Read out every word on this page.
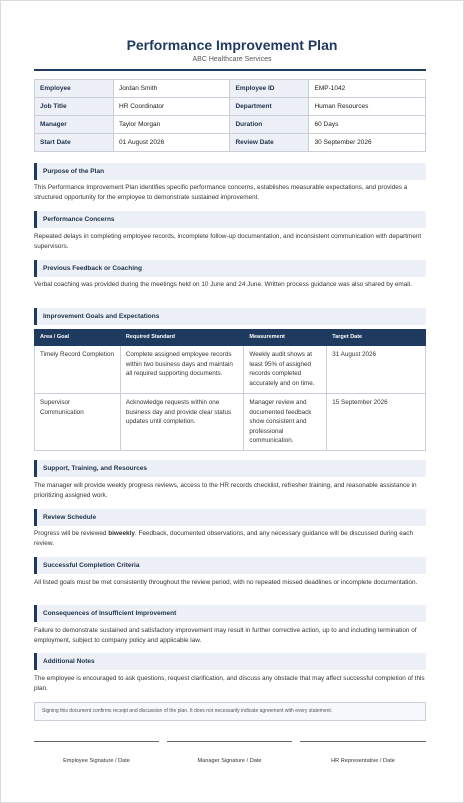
Performance Improvement Plan
ABC Healthcare Services
Employee	Jordan Smith	Employee ID	EMP-1042
Job Title	HR Coordinator	Department	Human Resources
Manager	Taylor Morgan	Duration	60 Days
Start Date	01 August 2026	Review Date	30 September 2026
Purpose of the Plan
This Performance Improvement Plan identifies specific performance concerns, establishes measurable expectations, and provides a structured opportunity for the employee to demonstrate sustained improvement.
Performance Concerns
Repeated delays in completing employee records, incomplete follow-up documentation, and inconsistent communication with department supervisors.
Previous Feedback or Coaching
Verbal coaching was provided during the meetings held on 10 June and 24 June. Written process guidance was also shared by email.
Improvement Goals and Expectations
Area / Goal	Required Standard	Measurement	Target Date
Timely Record Completion	Complete assigned employee records within two business days and maintain all required supporting documents.	Weekly audit shows at least 95% of assigned records completed accurately and on time.	31 August 2026
Supervisor Communication	Acknowledge requests within one business day and provide clear status updates until completion.	Manager review and documented feedback show consistent and professional communication.	15 September 2026
Support, Training, and Resources
The manager will provide weekly progress reviews, access to the HR records checklist, refresher training, and reasonable assistance in prioritizing assigned work.
Review Schedule
Progress will be reviewed biweekly. Feedback, documented observations, and any necessary guidance will be discussed during each review.
Successful Completion Criteria
All listed goals must be met consistently throughout the review period, with no repeated missed deadlines or incomplete documentation.
Consequences of Insufficient Improvement
Failure to demonstrate sustained and satisfactory improvement may result in further corrective action, up to and including termination of employment, subject to company policy and applicable law.
Additional Notes
The employee is encouraged to ask questions, request clarification, and discuss any obstacle that may affect successful completion of this plan.
Signing this document confirms receipt and discussion of the plan. It does not necessarily indicate agreement with every statement.
Employee Signature / Date	Manager Signature / Date	HR Representative / Date
